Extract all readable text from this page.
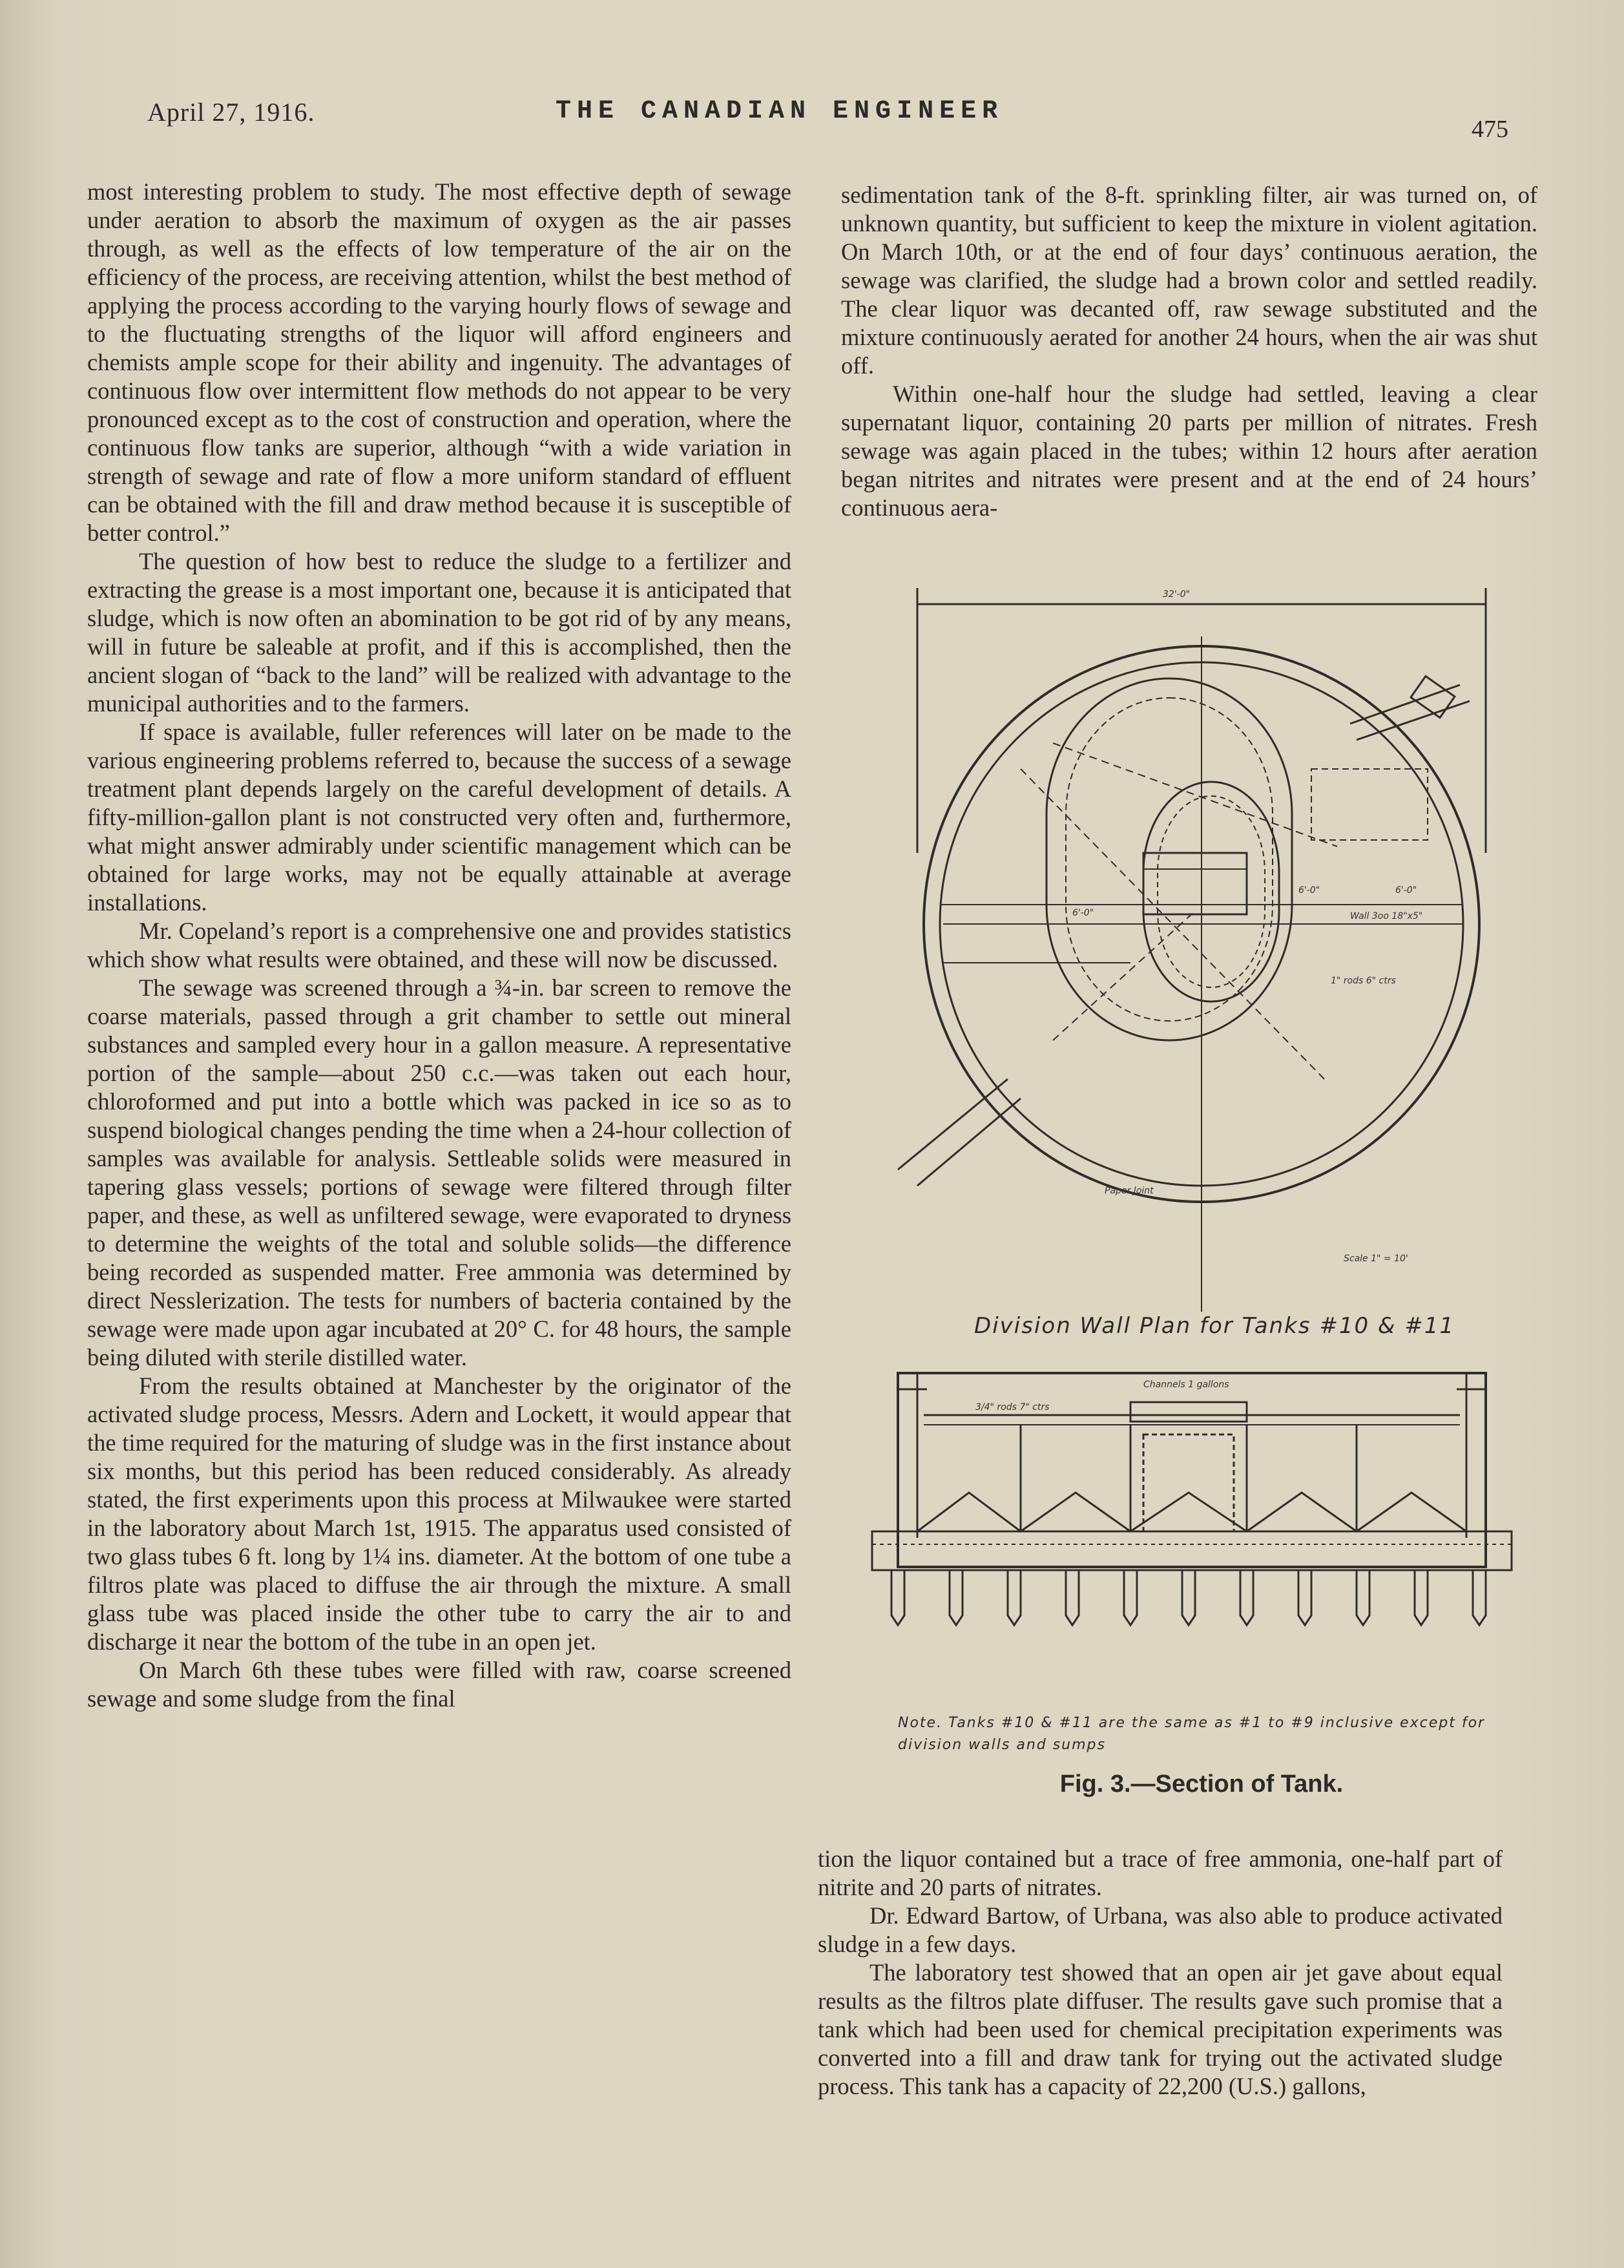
April 27, 1916.	THE CANADIAN ENGINEER
475

most interesting problem to study. The most effective depth of sewage under aeration to absorb the maximum of oxygen as the air passes through, as well as the effects of low temperature of the air on the efficiency of the process, are receiving attention, whilst the best method of applying the process according to the varying hourly flows of sewage and to the fluctuating strengths of the liquor will afford engineers and chemists ample scope for their ability and ingenuity. The advantages of continuous flow over intermittent flow methods do not appear to be very pronounced except as to the cost of construction and operation, where the continuous flow tanks are superior, although “with a wide variation in strength of sewage and rate of flow a more uniform standard of effluent can be obtained with the fill and draw method because it is susceptible of better control.”

The question of how best to reduce the sludge to a fertilizer and extracting the grease is a most important one, because it is anticipated that sludge, which is now often an abomination to be got rid of by any means, will in future be saleable at profit, and if this is accomplished, then the ancient slogan of “back to the land” will be realized with advantage to the municipal authorities and to the farmers.

If space is available, fuller references will later on be made to the various engineering problems referred to, because the success of a sewage treatment plant depends largely on the careful development of details. A fifty-million-gallon plant is not constructed very often and, furthermore, what might answer admirably under scientific management which can be obtained for large works, may not be equally attainable at average installations.

Mr. Copeland’s report is a comprehensive one and provides statistics which show what results were obtained, and these will now be discussed.

The sewage was screened through a ¾-in. bar screen to remove the coarse materials, passed through a grit chamber to settle out mineral substances and sampled every hour in a gallon measure. A representative portion of the sample—about 250 c.c.—was taken out each hour, chloroformed and put into a bottle which was packed in ice so as to suspend biological changes pending the time when a 24-hour collection of samples was available for analysis. Settleable solids were measured in tapering glass vessels; portions of sewage were filtered through filter paper, and these, as well as unfiltered sewage, were evaporated to dryness to determine the weights of the total and soluble solids—the difference being recorded as suspended matter. Free ammonia was determined by direct Nesslerization. The tests for numbers of bacteria contained by the sewage were made upon agar incubated at 20° C. for 48 hours, the sample being diluted with sterile distilled water.

From the results obtained at Manchester by the originator of the activated sludge process, Messrs. Adern and Lockett, it would appear that the time required for the maturing of sludge was in the first instance about six months, but this period has been reduced considerably. As already stated, the first experiments upon this process at Milwaukee were started in the laboratory about March 1st, 1915. The apparatus used consisted of two glass tubes 6 ft. long by 1¼ ins. diameter. At the bottom of one tube a filtros plate was placed to diffuse the air through the mixture. A small glass tube was placed inside the other tube to carry the air to and discharge it near the bottom of the tube in an open jet.

On March 6th these tubes were filled with raw, coarse screened sewage and some sludge from the final

sedimentation tank of the 8-ft. sprinkling filter, air was turned on, of unknown quantity, but sufficient to keep the mixture in violent agitation. On March 10th, or at the end of four days’ continuous aeration, the sewage was clarified, the sludge had a brown color and settled readily. The clear liquor was decanted off, raw sewage substituted and the mixture continuously aerated for another 24 hours, when the air was shut off.

Within one-half hour the sludge had settled, leaving a clear supernatant liquor, containing 20 parts per million of nitrates. Fresh sewage was again placed in the tubes; within 12 hours after aeration began nitrites and nitrates were present and at the end of 24 hours’ continuous aera-

32'-0"
6'-0"
6'-0"	6'-0"
Wall 3oo 18"x5"
1" rods 6" ctrs
Paper Joint
Scale 1" = 10'
3/4" rods 7" ctrs
Channels 1 gallons
Division Wall Plan for Tanks #10 & #11
Note. Tanks #10 & #11 are the same as #1 to #9 inclusive except for division walls and sumps
Fig. 3.—Section of Tank.

tion the liquor contained but a trace of free ammonia, one-half part of nitrite and 20 parts of nitrates.

Dr. Edward Bartow, of Urbana, was also able to produce activated sludge in a few days.

The laboratory test showed that an open air jet gave about equal results as the filtros plate diffuser. The results gave such promise that a tank which had been used for chemical precipitation experiments was converted into a fill and draw tank for trying out the activated sludge process. This tank has a capacity of 22,200 (U.S.) gallons,
